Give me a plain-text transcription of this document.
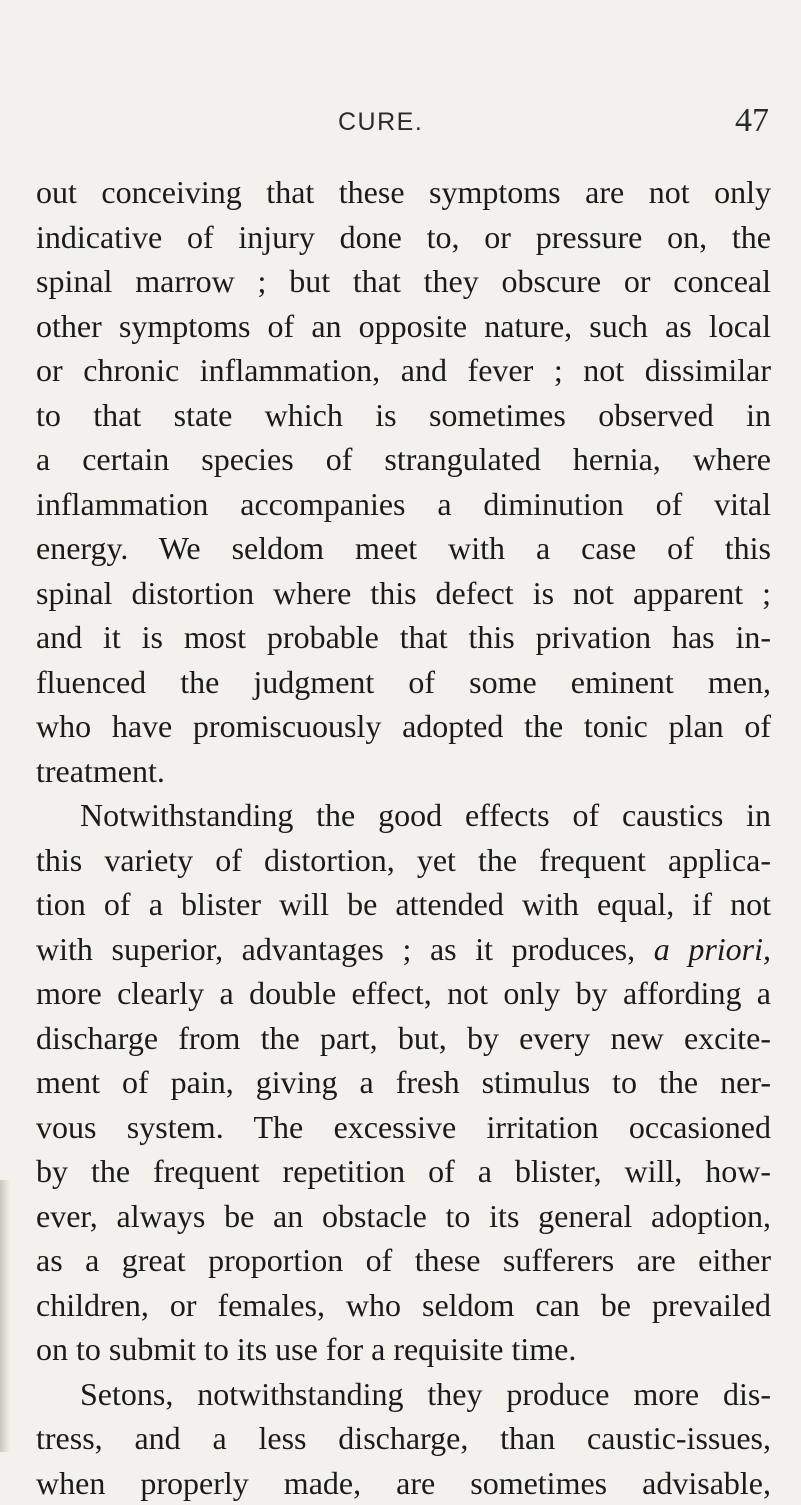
CURE.	47
out conceiving that these symptoms are not only
indicative of injury done to, or pressure on, the
spinal marrow ; but that they obscure or conceal
other symptoms of an opposite nature, such as local
or chronic inflammation, and fever ; not dissimilar
to that state which is sometimes observed in
a certain species of strangulated hernia, where
inflammation accompanies a diminution of vital
energy. We seldom meet with a case of this
spinal distortion where this defect is not apparent ;
and it is most probable that this privation has in-
fluenced the judgment of some eminent men,
who have promiscuously adopted the tonic plan of
treatment.
Notwithstanding the good effects of caustics in
this variety of distortion, yet the frequent applica-
tion of a blister will be attended with equal, if not
with superior, advantages ; as it produces, a priori,
more clearly a double effect, not only by affording a
discharge from the part, but, by every new excite-
ment of pain, giving a fresh stimulus to the ner-
vous system. The excessive irritation occasioned
by the frequent repetition of a blister, will, how-
ever, always be an obstacle to its general adoption,
as a great proportion of these sufferers are either
children, or females, who seldom can be prevailed
on to submit to its use for a requisite time.
Setons, notwithstanding they produce more dis-
tress, and a less discharge, than caustic-issues,
when properly made, are sometimes advisable,
